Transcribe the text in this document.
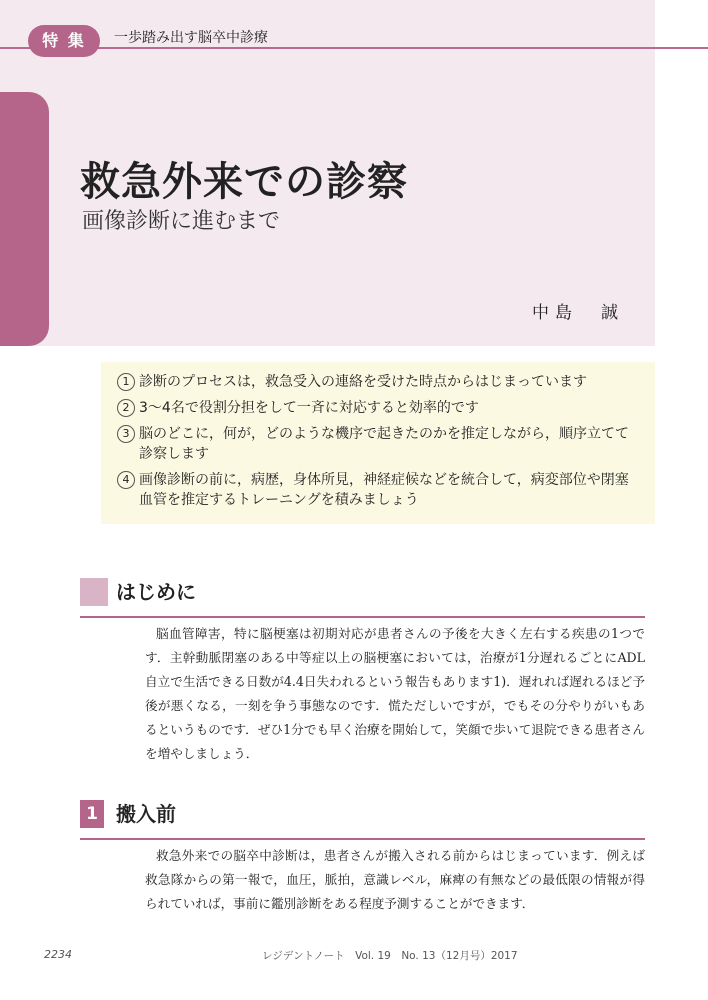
特 集	一歩踏み出す脳卒中診療
救急外来での診察
画像診断に進むまで
中島　誠
1 診断のプロセスは，救急受入の連絡を受けた時点からはじまっています
2 3～4名で役割分担をして一斉に対応すると効率的です
3 脳のどこに，何が，どのような機序で起きたのかを推定しながら，順序立てて診察します
4 画像診断の前に，病歴，身体所見，神経症候などを統合して，病変部位や閉塞血管を推定するトレーニングを積みましょう
はじめに

脳血管障害，特に脳梗塞は初期対応が患者さんの予後を大きく左右する疾患の1つです．主幹動脈閉塞のある中等症以上の脳梗塞においては，治療が1分遅れるごとにADL自立で生活できる日数が4.4日失われるという報告もあります1)．遅れれば遅れるほど予後が悪くなる，一刻を争う事態なのです．慌ただしいですが，でもその分やりがいもあるというものです．ぜひ1分でも早く治療を開始して，笑顔で歩いて退院できる患者さんを増やしましょう．

1 搬入前

救急外来での脳卒中診断は，患者さんが搬入される前からはじまっています．例えば救急隊からの第一報で，血圧，脈拍，意識レベル，麻痺の有無などの最低限の情報が得られていれば，事前に鑑別診断をある程度予測することができます．

2234	レジデントノート　Vol. 19　No. 13（12月号）2017
